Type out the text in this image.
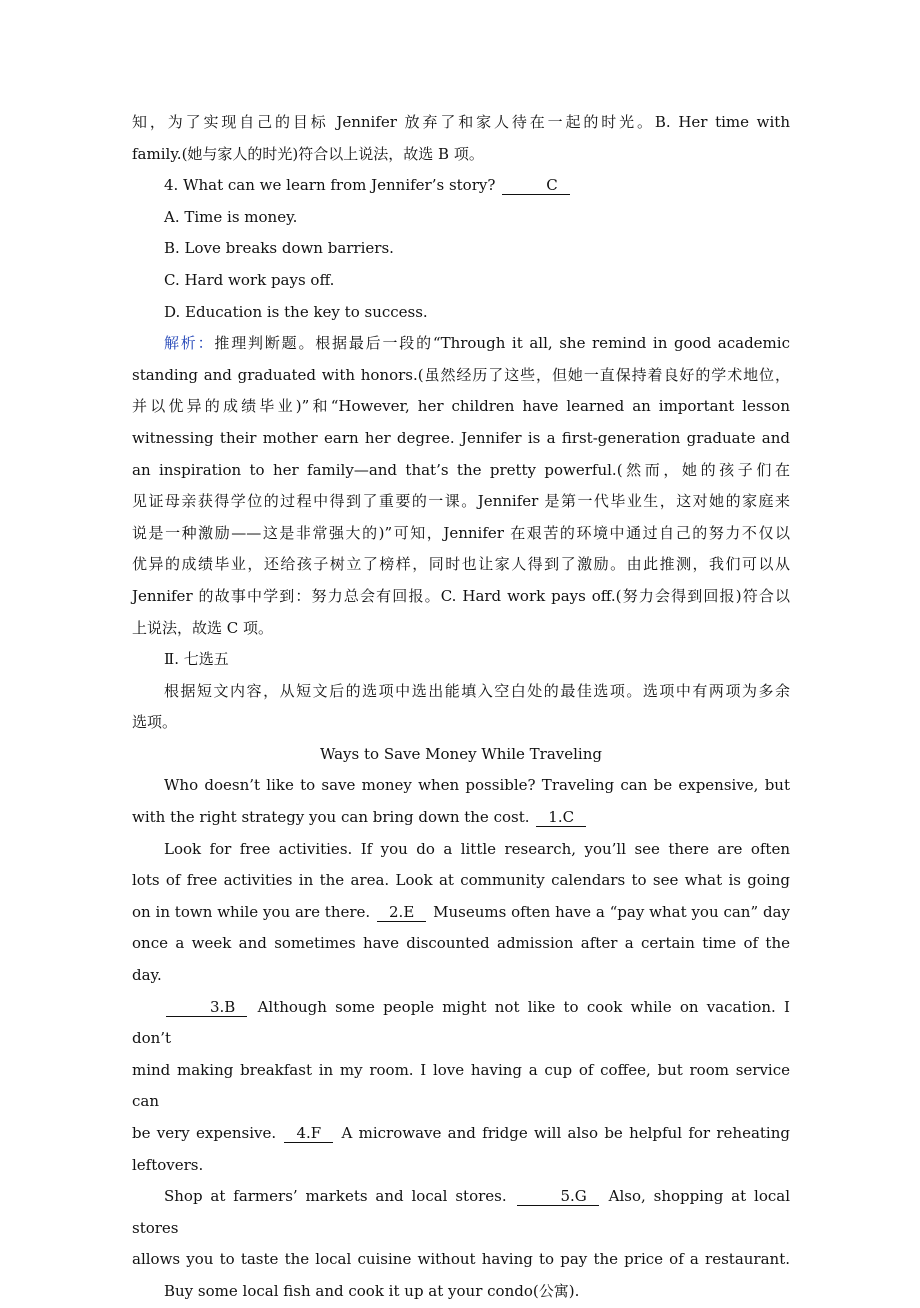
知，为了实现自己的目标 Jennifer 放弃了和家人待在一起的时光。B. Her time with

family.(她与家人的时光)符合以上说法，故选 B 项。

4. What can we learn from Jennifer’s story?	C

A. Time is money.

B. Love breaks down barriers.

C. Hard work pays off.

D. Education is the key to success.

解析：推理判断题。根据最后一段的“Through it all, she remind in good academic

standing and graduated with honors.(虽然经历了这些，但她一直保持着良好的学术地位，

并以优异的成绩毕业)”和“However, her children have learned an important lesson

witnessing their mother earn her degree. Jennifer is a first-generation graduate and

an inspiration to her family—and that’s the pretty powerful.(然而，她的孩子们在

见证母亲获得学位的过程中得到了重要的一课。Jennifer 是第一代毕业生，这对她的家庭来

说是一种激励——这是非常强大的)”可知，Jennifer 在艰苦的环境中通过自己的努力不仅以

优异的成绩毕业，还给孩子树立了榜样，同时也让家人得到了激励。由此推测，我们可以从

Jennifer 的故事中学到：努力总会有回报。C. Hard work pays off.(努力会得到回报)符合以

上说法，故选 C 项。

Ⅱ. 七选五

根据短文内容，从短文后的选项中选出能填入空白处的最佳选项。选项中有两项为多余

选项。

Ways to Save Money While Traveling

Who doesn’t like to save money when possible? Traveling can be expensive, but

with the right strategy you can bring down the cost. 1.C

Look for free activities. If you do a little research, you’ll see there are often

lots of free activities in the area. Look at community calendars to see what is going

on in town while you are there. 2.E Museums often have a “pay what you can” day

once a week and sometimes have discounted admission after a certain time of the day.

3.B Although some people might not like to cook while on vacation. I don’t

mind making breakfast in my room. I love having a cup of coffee, but room service can

be very expensive. 4.F A microwave and fridge will also be helpful for reheating

leftovers.

Shop at farmers’ markets and local stores.	5.G Also, shopping at local stores

allows you to taste the local cuisine without having to pay the price of a restaurant.

Buy some local fish and cook it up at your condo(公寓).
